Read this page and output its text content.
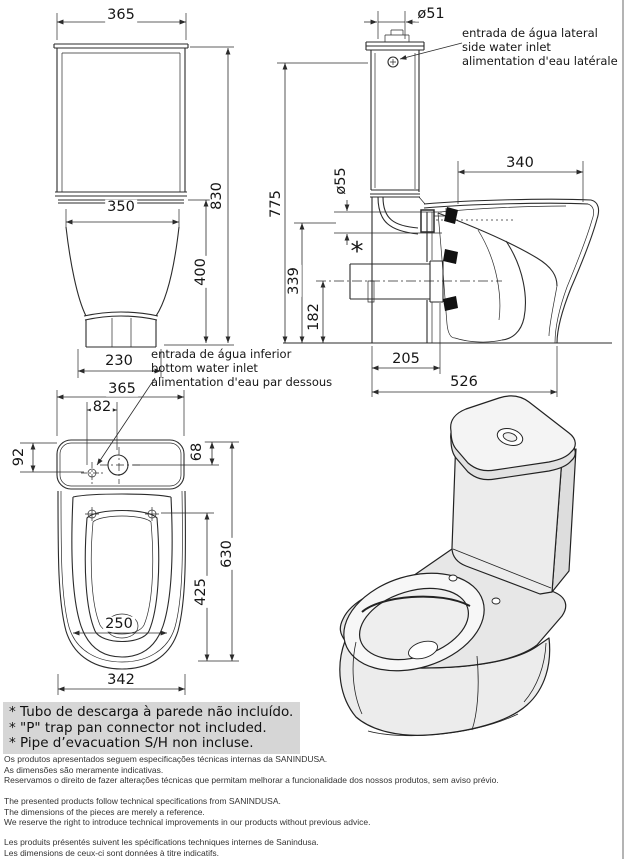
365
830
350
400
230
ø51
775
ø55
339
182
340
205
526
*
365
82
92	68
630
425
250
342
entrada de água lateral
side water inlet
alimentation d'eau latérale
entrada de água inferior
bottom water inlet
alimentation d'eau par dessous
* Tubo de descarga à parede não incluído.
* "P" trap pan connector not included.
* Pipe d’evacuation S/H non incluse.
Os produtos apresentados seguem especificações técnicas internas da SANINDUSA.
As dimensões são meramente indicativas.
Reservamos o direito de fazer alterações técnicas que permitam melhorar a funcionalidade dos nossos produtos, sem aviso prévio.
The presented products follow technical specifications from SANINDUSA.
The dimensions of the pieces are merely a reference.
We reserve the right to introduce technical improvements in our products without previous advice.
Les produits présentés suivent les spécifications techniques internes de Sanindusa.
Les dimensions de ceux-ci sont données à titre indicatifs.
